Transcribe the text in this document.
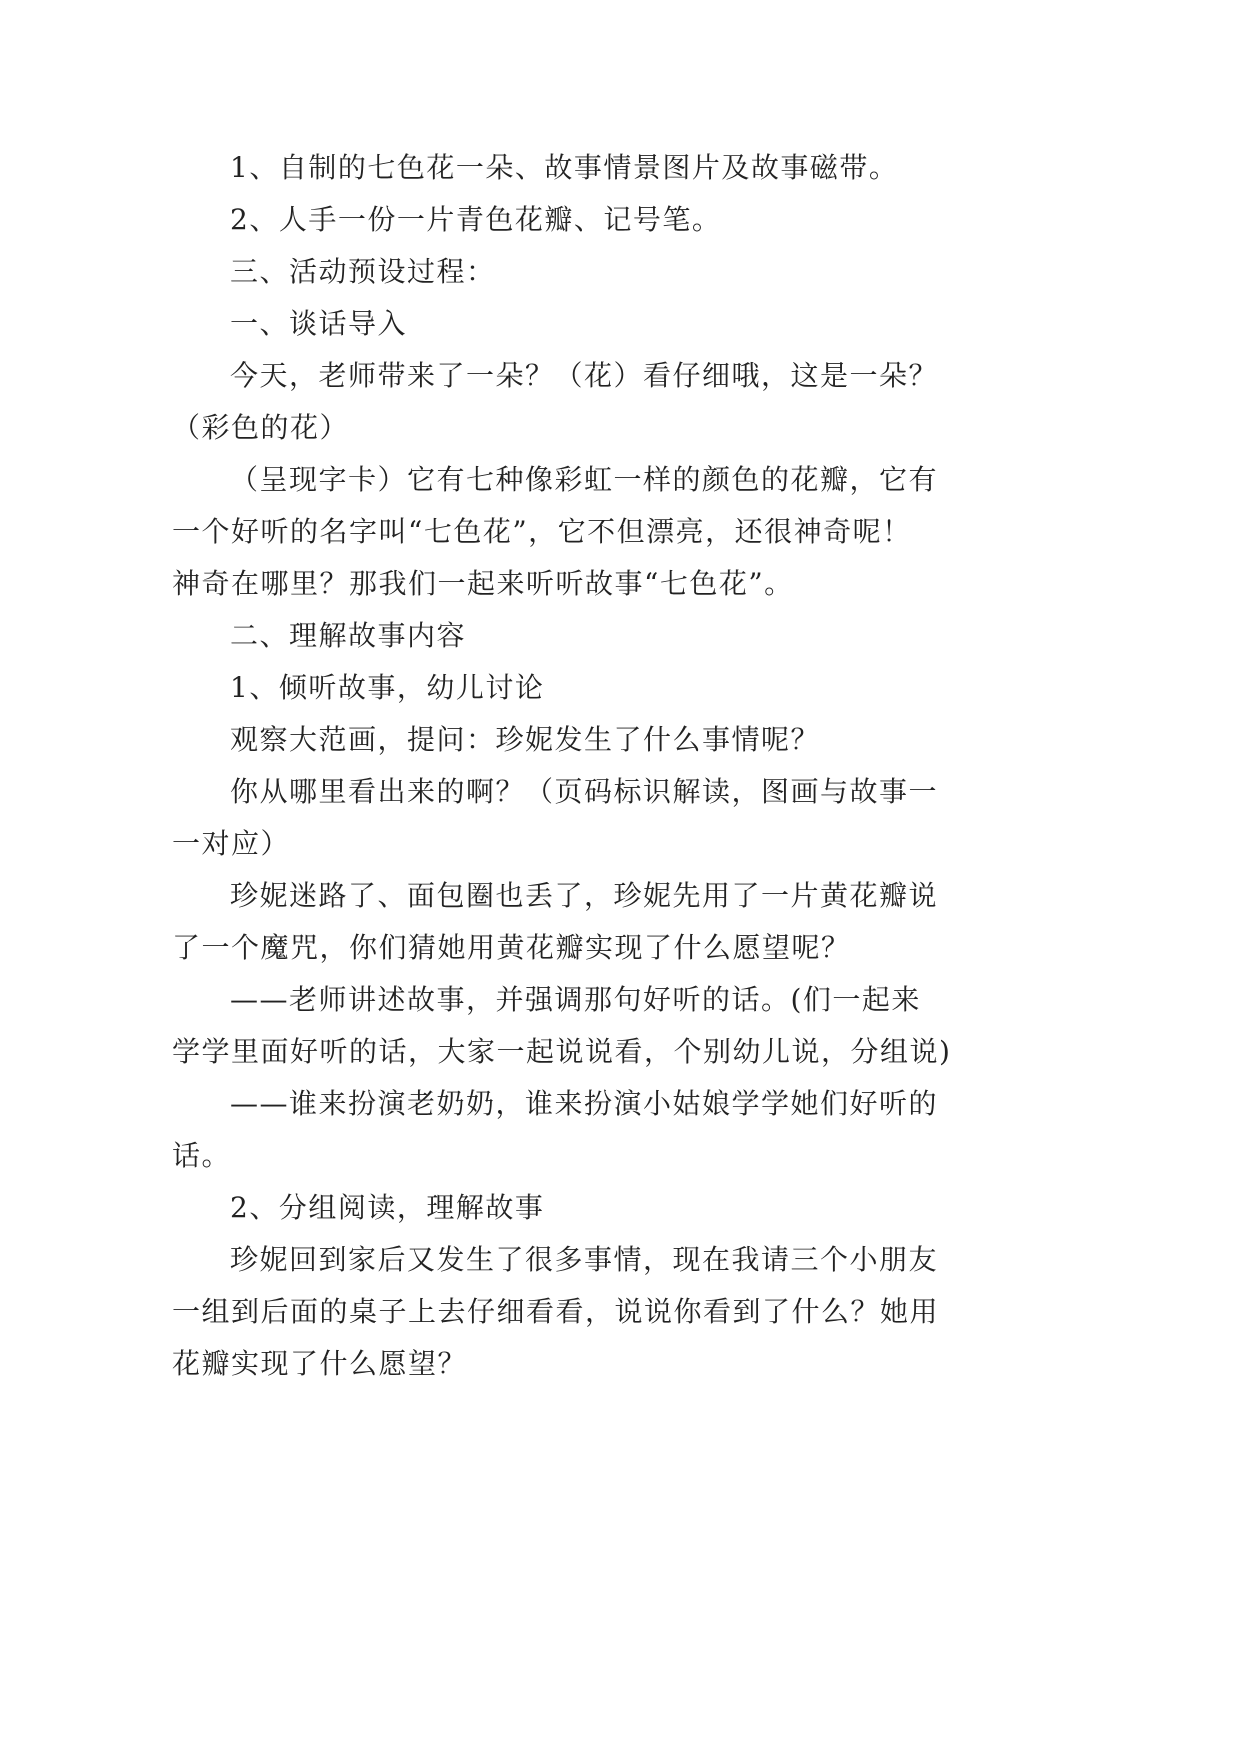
1、自制的七色花一朵、故事情景图片及故事磁带。
2、人手一份一片青色花瓣、记号笔。
三、活动预设过程：
一、谈话导入
今天，老师带来了一朵？（花）看仔细哦，这是一朵？
（彩色的花）
（呈现字卡）它有七种像彩虹一样的颜色的花瓣，它有
一个好听的名字叫“七色花”，它不但漂亮，还很神奇呢！
神奇在哪里？那我们一起来听听故事“七色花”。
二、理解故事内容
1、倾听故事，幼儿讨论
观察大范画，提问：珍妮发生了什么事情呢？
你从哪里看出来的啊？（页码标识解读，图画与故事一
一对应）
珍妮迷路了、面包圈也丢了，珍妮先用了一片黄花瓣说
了一个魔咒，你们猜她用黄花瓣实现了什么愿望呢？
——老师讲述故事，并强调那句好听的话。(们一起来
学学里面好听的话，大家一起说说看，个别幼儿说，分组说)
——谁来扮演老奶奶，谁来扮演小姑娘学学她们好听的
话。
2、分组阅读，理解故事
珍妮回到家后又发生了很多事情，现在我请三个小朋友
一组到后面的桌子上去仔细看看，说说你看到了什么？她用
花瓣实现了什么愿望？
